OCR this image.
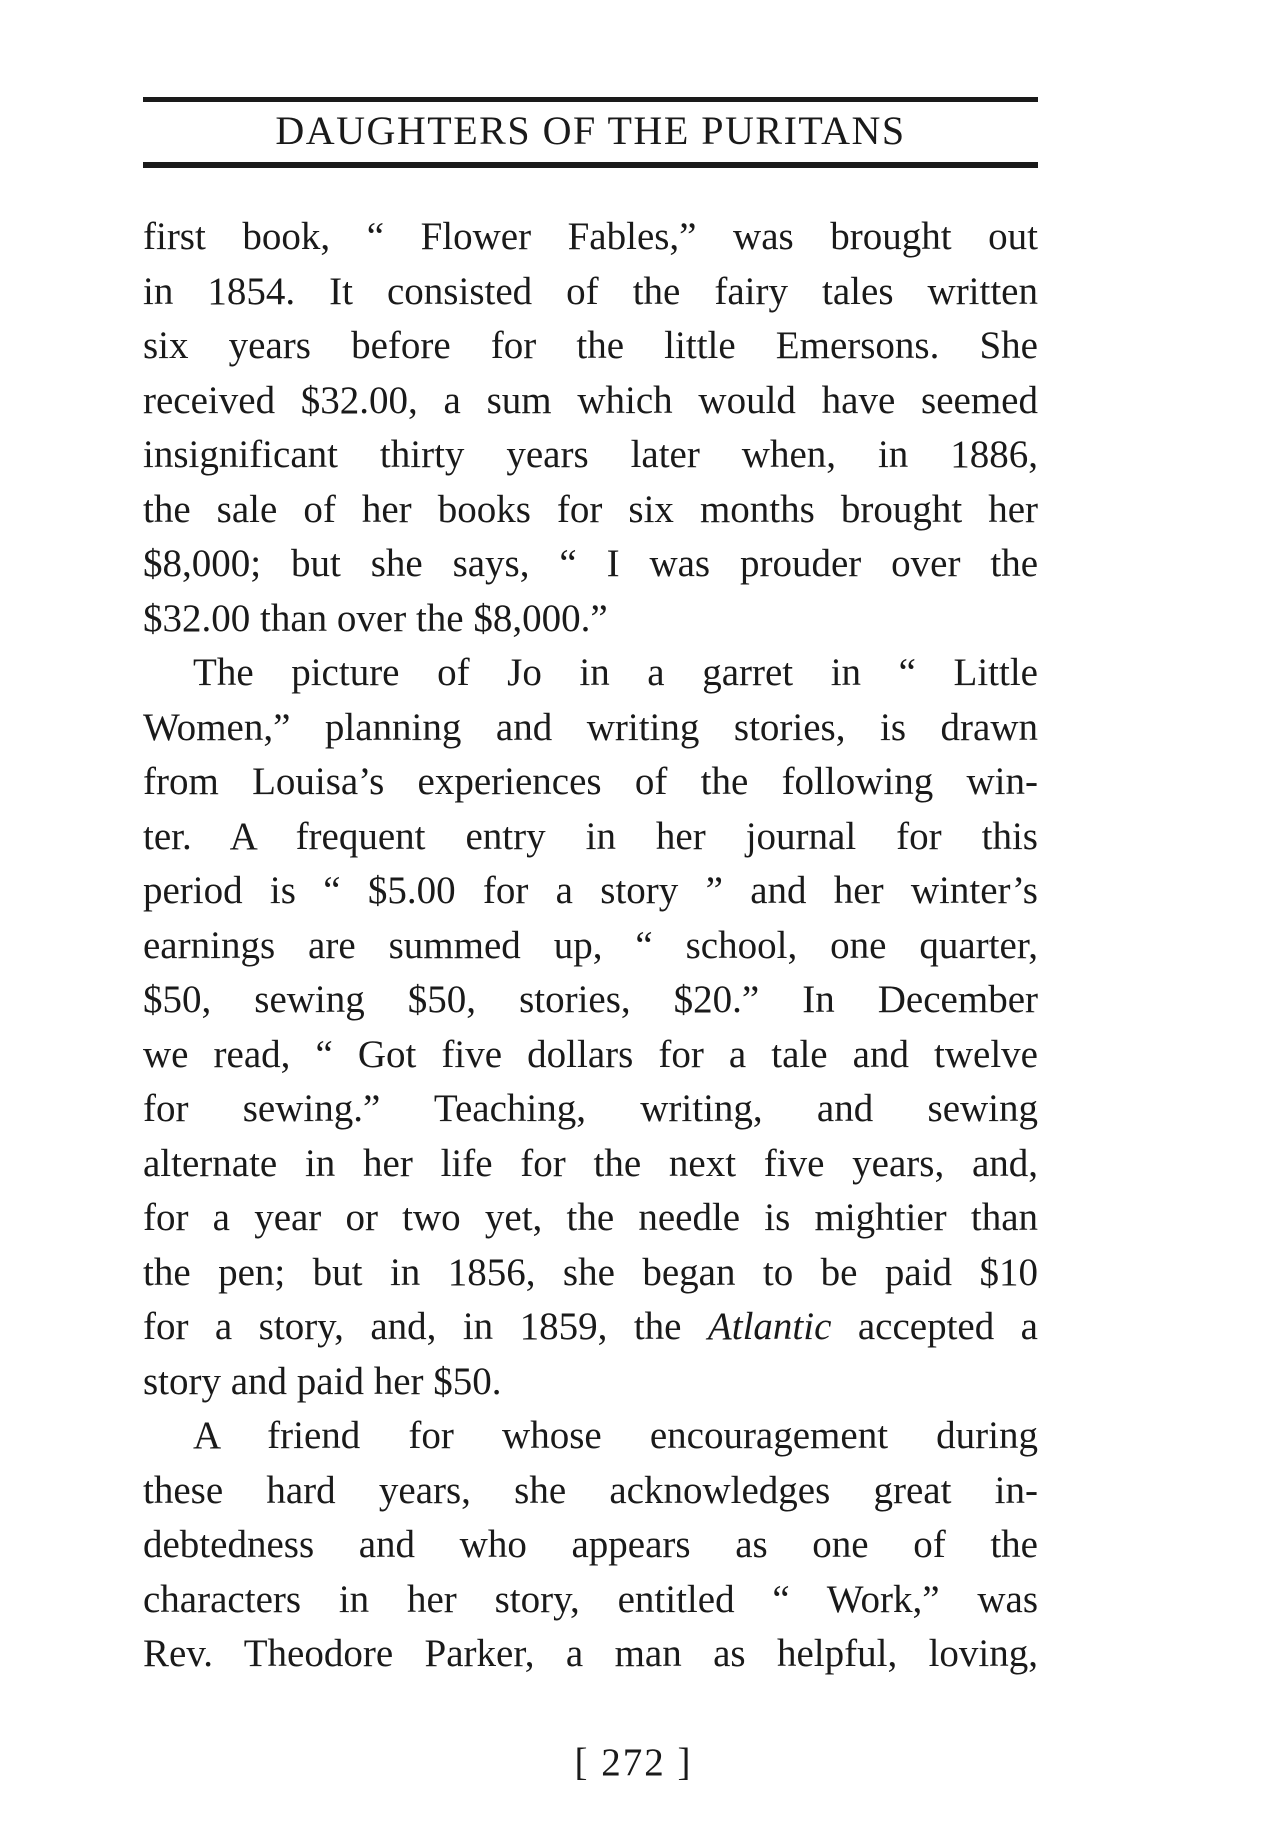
DAUGHTERS OF THE PURITANS
first book, “ Flower Fables,” was brought out
in 1854. It consisted of the fairy tales written
six years before for the little Emersons. She
received $32.00, a sum which would have seemed
insignificant thirty years later when, in 1886,
the sale of her books for six months brought her
$8,000; but she says, “ I was prouder over the
$32.00 than over the $8,000.”
The picture of Jo in a garret in “ Little
Women,” planning and writing stories, is drawn
from Louisa’s experiences of the following win-
ter. A frequent entry in her journal for this
period is “ $5.00 for a story ” and her winter’s
earnings are summed up, “ school, one quarter,
$50, sewing $50, stories, $20.” In December
we read, “ Got five dollars for a tale and twelve
for sewing.” Teaching, writing, and sewing
alternate in her life for the next five years, and,
for a year or two yet, the needle is mightier than
the pen; but in 1856, she began to be paid $10
for a story, and, in 1859, the Atlantic accepted a
story and paid her $50.
A friend for whose encouragement during
these hard years, she acknowledges great in-
debtedness and who appears as one of the
characters in her story, entitled “ Work,” was
Rev. Theodore Parker, a man as helpful, loving,
[ 272 ]
